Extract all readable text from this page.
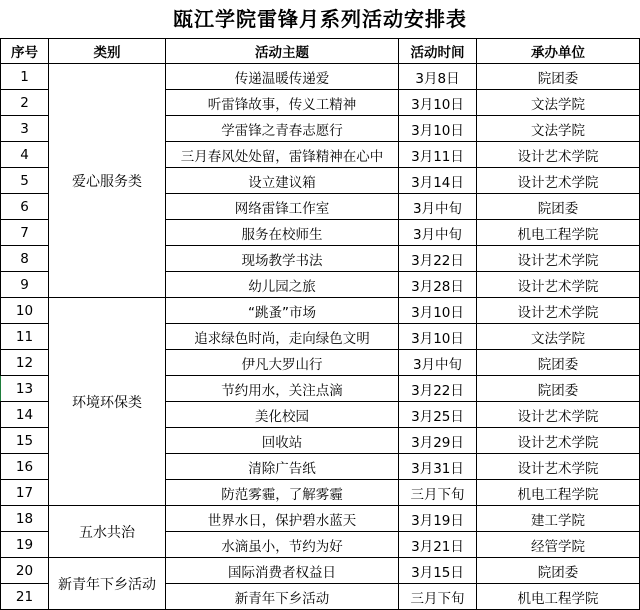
瓯江学院雷锋月系列活动安排表
序号	类别	活动主题	活动时间	承办单位
1	爱心服务类	传递温暖传递爱	3月8日	院团委
2		听雷锋故事，传义工精神	3月10日	文法学院
3		学雷锋之青春志愿行	3月10日	文法学院
4		三月春风处处留，雷锋精神在心中	3月11日	设计艺术学院
5		设立建议箱	3月14日	设计艺术学院
6		网络雷锋工作室	3月中旬	院团委
7		服务在校师生	3月中旬	机电工程学院
8		现场教学书法	3月22日	设计艺术学院
9		幼儿园之旅	3月28日	设计艺术学院
10	环境环保类	“跳蚤”市场	3月10日	设计艺术学院
11		追求绿色时尚，走向绿色文明	3月10日	文法学院
12		伊凡大罗山行	3月中旬	院团委
13		节约用水，关注点滴	3月22日	院团委
14		美化校园	3月25日	设计艺术学院
15		回收站	3月29日	设计艺术学院
16		清除广告纸	3月31日	设计艺术学院
17		防范雾霾，了解雾霾	三月下旬	机电工程学院
18	五水共治	世界水日，保护碧水蓝天	3月19日	建工学院
19		水滴虽小，节约为好	3月21日	经管学院
20	新青年下乡活动	国际消费者权益日	3月15日	院团委
21		新青年下乡活动	三月下旬	机电工程学院
